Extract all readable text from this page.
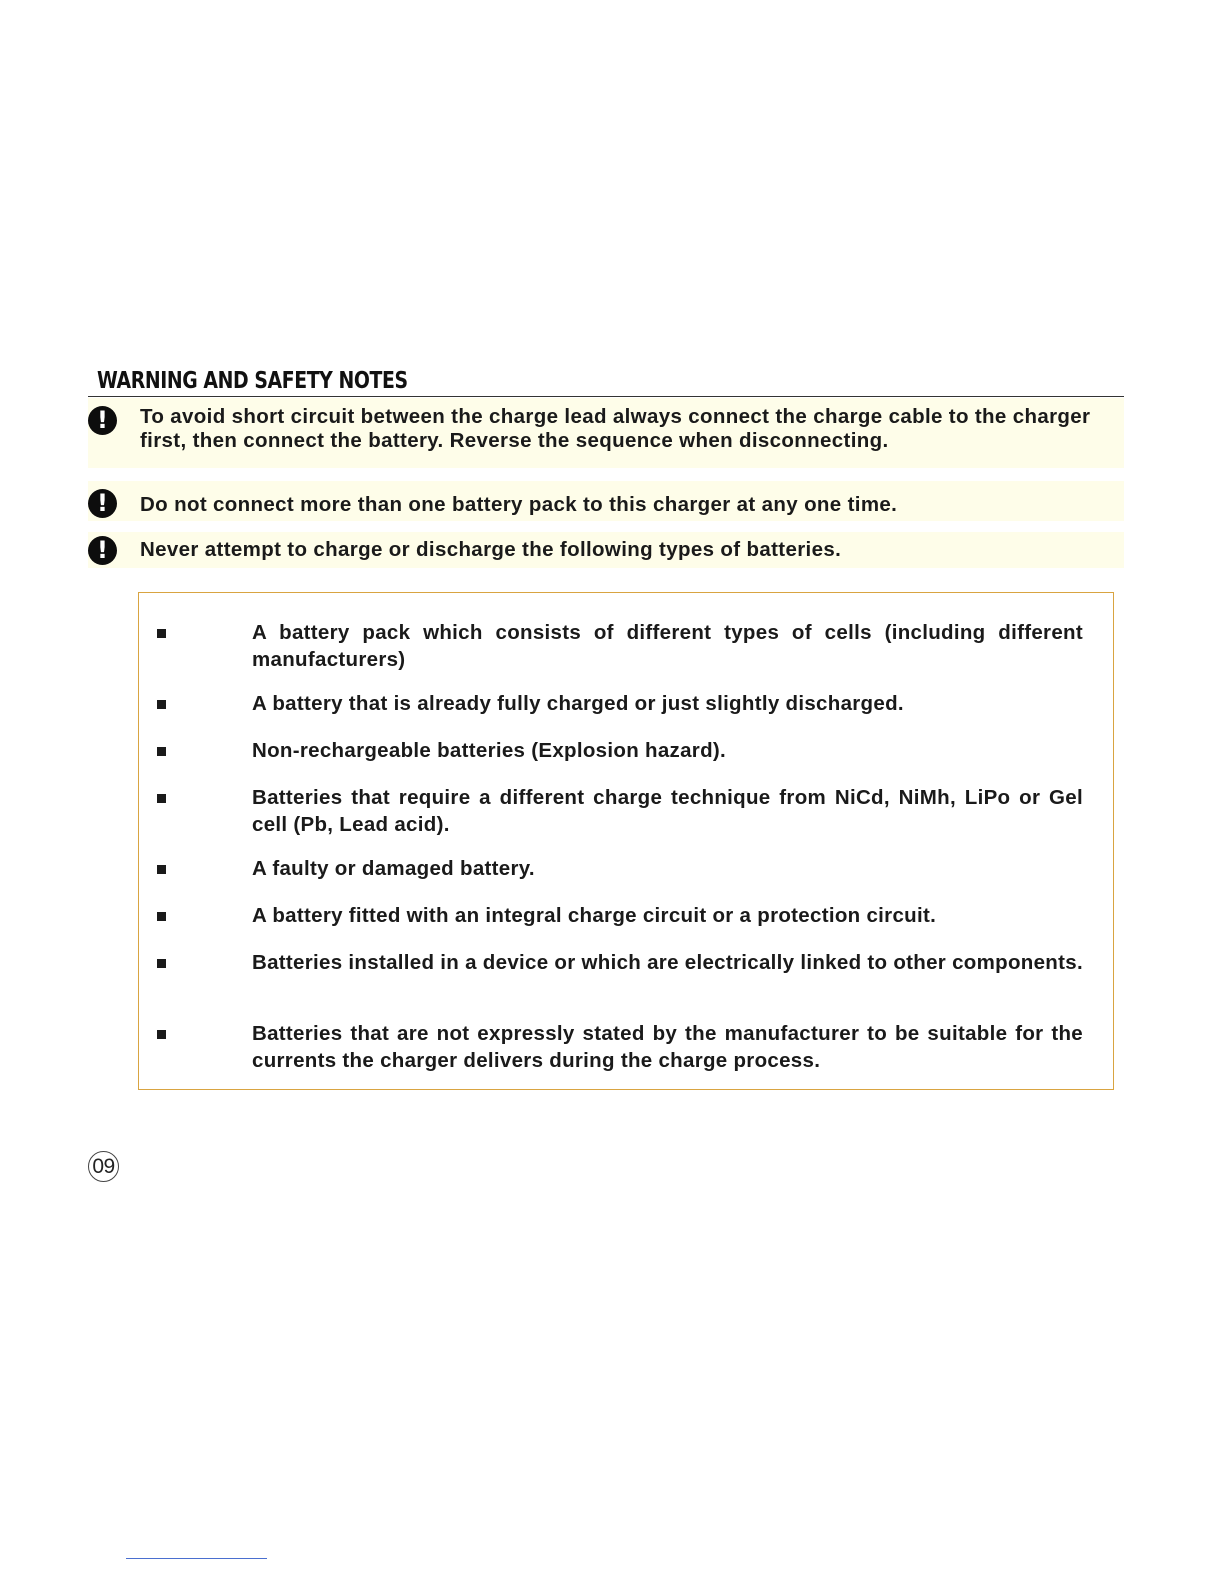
WARNING AND SAFETY NOTES
!	To avoid short circuit between the charge lead always connect the charge cable to the charger first, then connect the battery. Reverse the sequence when disconnecting.
!	Do not connect more than one battery pack to this charger at any one time.
!	Never attempt to charge or discharge the following types of batteries.
A battery pack which consists of different types of cells (including different manufacturers)
A battery that is already fully charged or just slightly discharged.
Non-rechargeable batteries (Explosion hazard).
Batteries that require a different charge technique from NiCd, NiMh, LiPo or Gel cell (Pb, Lead acid).
A faulty or damaged battery.
A battery fitted with an integral charge circuit or a protection circuit.
Batteries installed in a device or which are electrically linked to other components.
Batteries that are not expressly stated by the manufacturer to be suitable for the currents the charger delivers during the charge process.
09
